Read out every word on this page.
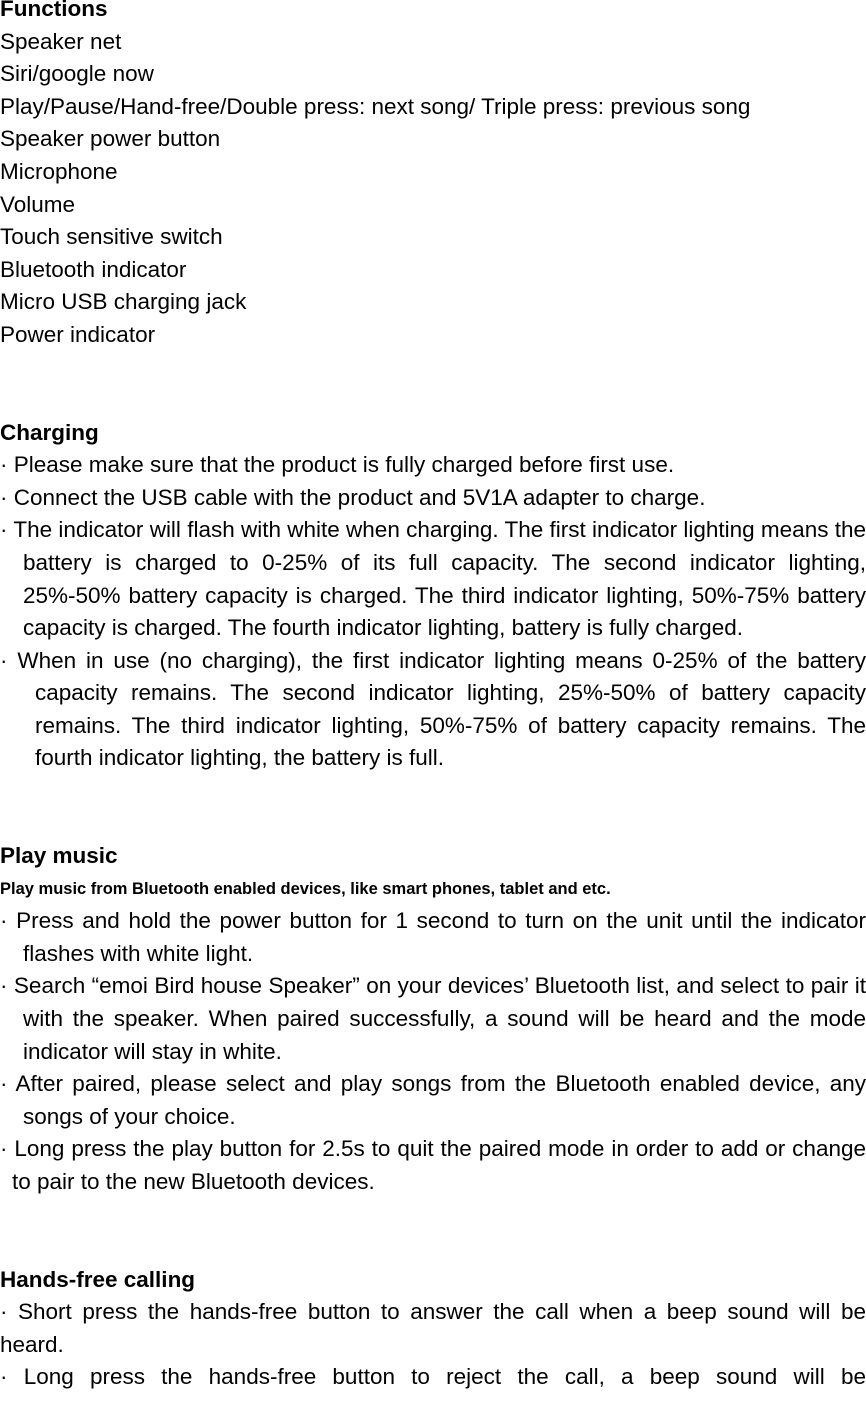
Functions

Speaker net

Siri/google now

Play/Pause/Hand-free/Double press: next song/ Triple press: previous song

Speaker power button

Microphone

Volume

Touch sensitive switch

Bluetooth indicator

Micro USB charging jack

Power indicator

Charging

· Please make sure that the product is fully charged before first use.

· Connect the USB cable with the product and 5V1A adapter to charge.

· The indicator will flash with white when charging. The first indicator lighting means the battery is charged to 0-25% of its full capacity. The second indicator lighting, 25%-50% battery capacity is charged. The third indicator lighting, 50%-75% battery capacity is charged. The fourth indicator lighting, battery is fully charged.

· When in use (no charging), the first indicator lighting means 0-25% of the battery capacity remains. The second indicator lighting, 25%-50% of battery capacity remains. The third indicator lighting, 50%-75% of battery capacity remains. The fourth indicator lighting, the battery is full.

Play music

Play music from Bluetooth enabled devices, like smart phones, tablet and etc.

· Press and hold the power button for 1 second to turn on the unit until the indicator flashes with white light.

· Search “emoi Bird house Speaker” on your devices’ Bluetooth list, and select to pair it with the speaker. When paired successfully, a sound will be heard and the mode indicator will stay in white.

· After paired, please select and play songs from the Bluetooth enabled device, any songs of your choice.

· Long press the play button for 2.5s to quit the paired mode in order to add or change to pair to the new Bluetooth devices.

Hands-free calling

· Short press the hands-free button to answer the call when a beep sound will be heard.

· Long press the hands-free button to reject the call, a beep sound will be
